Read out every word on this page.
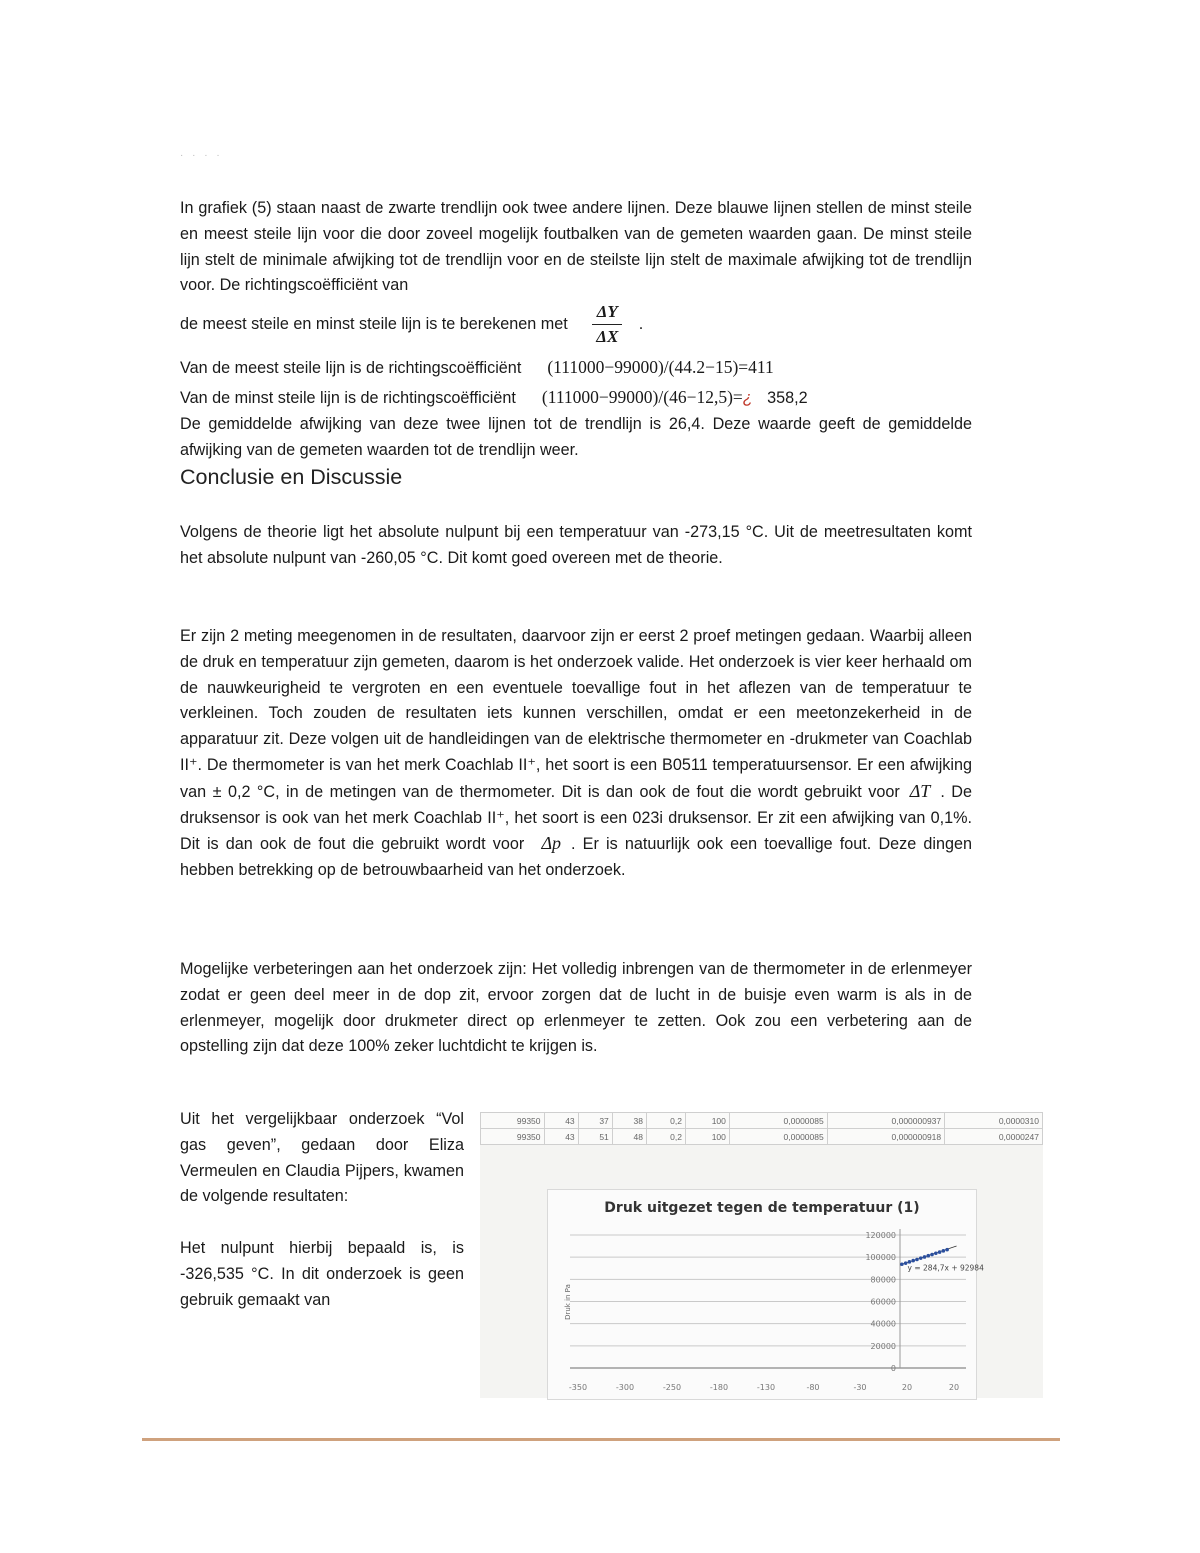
· · · ·

In grafiek (5) staan naast de zwarte trendlijn ook twee andere lijnen. Deze blauwe lijnen stellen de minst steile en meest steile lijn voor die door zoveel mogelijk foutbalken van de gemeten waarden gaan. De minst steile lijn stelt de minimale afwijking tot de trendlijn voor en de steilste lijn stelt de maximale afwijking tot de trendlijn voor. De richtingscoëfficiënt van

de meest steile en minst steile lijn is te berekenen met $\frac{\Delta Y}{\Delta X}$ .

Van de meest steile lijn is de richtingscoëfficiënt (111000−99000)/(44.2−15)=411

Van de minst steile lijn is de richtingscoëfficiënt (111000−99000)/(46−12,5)=¿ 358,2

De gemiddelde afwijking van deze twee lijnen tot de trendlijn is 26,4. Deze waarde geeft de gemiddelde afwijking van de gemeten waarden tot de trendlijn weer.

Conclusie en Discussie

Volgens de theorie ligt het absolute nulpunt bij een temperatuur van -273,15 °C. Uit de meetresultaten komt het absolute nulpunt van -260,05 °C. Dit komt goed overeen met de theorie.

Er zijn 2 meting meegenomen in de resultaten, daarvoor zijn er eerst 2 proef metingen gedaan. Waarbij alleen de druk en temperatuur zijn gemeten, daarom is het onderzoek valide. Het onderzoek is vier keer herhaald om de nauwkeurigheid te vergroten en een eventuele toevallige fout in het aflezen van de temperatuur te verkleinen. Toch zouden de resultaten iets kunnen verschillen, omdat er een meetonzekerheid in de apparatuur zit. Deze volgen uit de handleidingen van de elektrische thermometer en -drukmeter van Coachlab II⁺. De thermometer is van het merk Coachlab II⁺, het soort is een B0511 temperatuursensor. Er een afwijking van ± 0,2 °C, in de metingen van de thermometer. Dit is dan ook de fout die wordt gebruikt voor ΔT . De druksensor is ook van het merk Coachlab II⁺, het soort is een 023i druksensor. Er zit een afwijking van 0,1%. Dit is dan ook de fout die gebruikt wordt voor Δp . Er is natuurlijk ook een toevallige fout. Deze dingen hebben betrekking op de betrouwbaarheid van het onderzoek.

Mogelijke verbeteringen aan het onderzoek zijn: Het volledig inbrengen van de thermometer in de erlenmeyer zodat er geen deel meer in de dop zit, ervoor zorgen dat de lucht in de buisje even warm is als in de erlenmeyer, mogelijk door drukmeter direct op erlenmeyer te zetten. Ook zou een verbetering aan de opstelling zijn dat deze 100% zeker luchtdicht te krijgen is.

Uit het vergelijkbaar onderzoek “Vol gas geven”, gedaan door Eliza Vermeulen en Claudia Pijpers, kwamen de volgende resultaten:

Het nulpunt hierbij bepaald is, is -326,535 °C. In dit onderzoek is geen gebruik gemaakt van

99350	43	37	38	0,2	100	0,0000085	0,000000937	0,0000310
99350	43	51	48	0,2	100	0,0000085	0,000000918	0,0000247
Druk uitgezet tegen de temperatuur (1)
0
20000
40000
60000
80000
100000
120000
-350	-300	-250	-180	-130	-80	-30	20	20
Druk in Pa
y = 284,7x + 92984
